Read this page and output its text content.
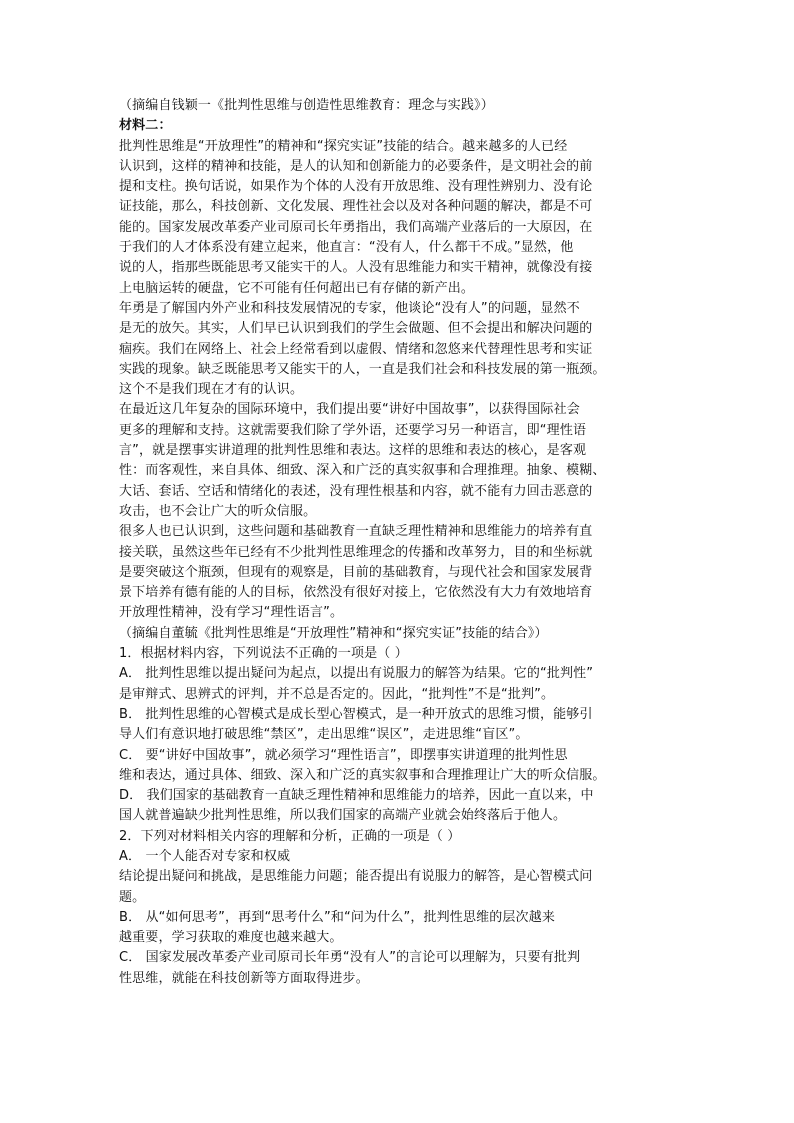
（摘编自钱颖一《批判性思维与创造性思维教育：理念与实践》）
材料二：
批判性思维是“开放理性”的精神和“探究实证”技能的结合。越来越多的人已经
认识到，这样的精神和技能，是人的认知和创新能力的必要条件，是文明社会的前
提和支柱。换句话说，如果作为个体的人没有开放思维、没有理性辨别力、没有论
证技能，那么，科技创新、文化发展、理性社会以及对各种问题的解决，都是不可
能的。国家发展改革委产业司原司长年勇指出，我们高端产业落后的一大原因，在
于我们的人才体系没有建立起来，他直言：“没有人，什么都干不成。”显然，他
说的人，指那些既能思考又能实干的人。人没有思维能力和实干精神，就像没有接
上电脑运转的硬盘，它不可能有任何超出已有存储的新产出。
年勇是了解国内外产业和科技发展情况的专家，他谈论“没有人”的问题，显然不
是无的放矢。其实，人们早已认识到我们的学生会做题、但不会提出和解决问题的
痼疾。我们在网络上、社会上经常看到以虚假、情绪和忽悠来代替理性思考和实证
实践的现象。缺乏既能思考又能实干的人，一直是我们社会和科技发展的第一瓶颈。
这个不是我们现在才有的认识。
在最近这几年复杂的国际环境中，我们提出要“讲好中国故事”，以获得国际社会
更多的理解和支持。这就需要我们除了学外语，还要学习另一种语言，即“理性语
言”，就是摆事实讲道理的批判性思维和表达。这样的思维和表达的核心，是客观
性：而客观性，来自具体、细致、深入和广泛的真实叙事和合理推理。抽象、模糊、
大话、套话、空话和情绪化的表述，没有理性根基和内容，就不能有力回击恶意的
攻击，也不会让广大的听众信服。
很多人也已认识到，这些问题和基础教育一直缺乏理性精神和思维能力的培养有直
接关联，虽然这些年已经有不少批判性思维理念的传播和改革努力，目的和坐标就
是要突破这个瓶颈，但现有的观察是，目前的基础教育，与现代社会和国家发展背
景下培养有德有能的人的目标，依然没有很好对接上，它依然没有大力有效地培育
开放理性精神，没有学习“理性语言”。
（摘编自董毓《批判性思维是“开放理性”精神和“探究实证”技能的结合》）
1．根据材料内容，下列说法不正确的一项是（ ）
A． 批判性思维以提出疑问为起点，以提出有说服力的解答为结果。它的“批判性”
是审辩式、思辨式的评判，并不总是否定的。因此，“批判性”不是“批判”。
B． 批判性思维的心智模式是成长型心智模式，是一种开放式的思维习惯，能够引
导人们有意识地打破思维“禁区”，走出思维“误区”，走进思维“盲区”。
C． 要“讲好中国故事”，就必须学习“理性语言”，即摆事实讲道理的批判性思
维和表达，通过具体、细致、深入和广泛的真实叙事和合理推理让广大的听众信服。
D． 我们国家的基础教育一直缺乏理性精神和思维能力的培养，因此一直以来，中
国人就普遍缺少批判性思维，所以我们国家的高端产业就会始终落后于他人。
2．下列对材料相关内容的理解和分析，正确的一项是（ ）
A． 一个人能否对专家和权威
结论提出疑问和挑战，是思维能力问题；能否提出有说服力的解答，是心智模式问
题。
B． 从“如何思考”，再到“思考什么”和“问为什么”，批判性思维的层次越来
越重要，学习获取的难度也越来越大。
C． 国家发展改革委产业司原司长年勇“没有人”的言论可以理解为，只要有批判
性思维，就能在科技创新等方面取得进步。
